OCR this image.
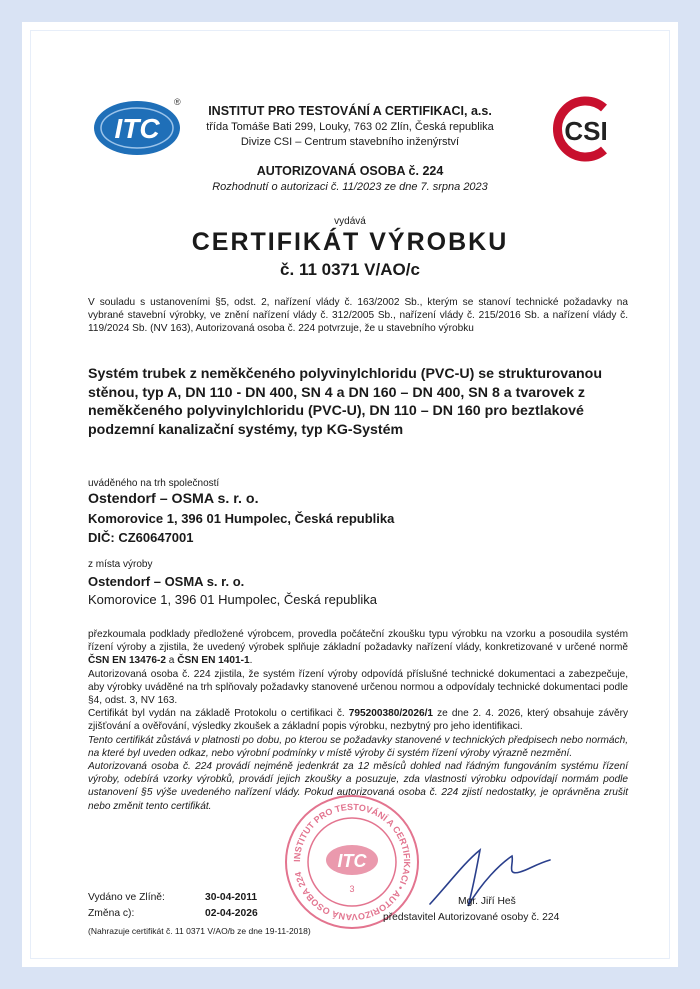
ITC
®
CSI
INSTITUT PRO TESTOVÁNÍ A CERTIFIKACI, a.s.
třída Tomáše Bati 299, Louky, 763 02 Zlín, Česká republika
Divize CSI – Centrum stavebního inženýrství
AUTORIZOVANÁ OSOBA č. 224
Rozhodnutí o autorizaci č. 11/2023 ze dne 7. srpna 2023
vydává
CERTIFIKÁT VÝROBKU
č. 11 0371 V/AO/c
V souladu s ustanoveními §5, odst. 2, nařízení vlády č. 163/2002 Sb., kterým se stanoví technické požadavky na vybrané stavební výrobky, ve znění nařízení vlády č. 312/2005 Sb., nařízení vlády č. 215/2016 Sb. a nařízení vlády č. 119/2024 Sb. (NV 163), Autorizovaná osoba č. 224 potvrzuje, že u stavebního výrobku
Systém trubek z neměkčeného polyvinylchloridu (PVC-U) se strukturovanou stěnou, typ A, DN 110 - DN 400, SN 4 a DN 160 – DN 400, SN 8 a tvarovek z neměkčeného polyvinylchloridu (PVC-U), DN 110 – DN 160 pro beztlakové podzemní kanalizační systémy, typ KG-Systém
uváděného na trh společností
Ostendorf – OSMA s. r. o.
Komorovice 1, 396 01 Humpolec, Česká republika
DIČ: CZ60647001
z místa výroby
Ostendorf – OSMA s. r. o.
Komorovice 1, 396 01 Humpolec, Česká republika
přezkoumala podklady předložené výrobcem, provedla počáteční zkoušku typu výrobku na vzorku a posoudila systém řízení výroby a zjistila, že uvedený výrobek splňuje základní požadavky nařízení vlády, konkretizované v určené normě ČSN EN 13476-2 a ČSN EN 1401-1.
Autorizovaná osoba č. 224 zjistila, že systém řízení výroby odpovídá příslušné technické dokumentaci a zabezpečuje, aby výrobky uváděné na trh splňovaly požadavky stanovené určenou normou a odpovídaly technické dokumentaci podle §4, odst. 3, NV 163.
Certifikát byl vydán na základě Protokolu o certifikaci č. 795200380/2026/1 ze dne 2. 4. 2026, který obsahuje závěry zjišťování a ověřování, výsledky zkoušek a základní popis výrobku, nezbytný pro jeho identifikaci.
Tento certifikát zůstává v platnosti po dobu, po kterou se požadavky stanovené v technických předpisech nebo normách, na které byl uveden odkaz, nebo výrobní podmínky v místě výroby či systém řízení výroby výrazně nezmění.
Autorizovaná osoba č. 224 provádí nejméně jedenkrát za 12 měsíců dohled nad řádným fungováním systému řízení výroby, odebírá vzorky výrobků, provádí jejich zkoušky a posuzuje, zda vlastnosti výrobku odpovídají normám podle ustanovení §5 výše uvedeného nařízení vlády. Pokud autorizovaná osoba č. 224 zjistí nedostatky, je oprávněna zrušit nebo změnit tento certifikát.
INSTITUT PRO TESTOVÁNÍ A CERTIFIKACI • AUTORIZOVANÁ OSOBA 224
ITC
3
Vydáno ve Zlíně:	30-04-2011
Změna c):	02-04-2026
(Nahrazuje certifikát č. 11 0371 V/AO/b ze dne 19-11-2018)
Mgr. Jiří Heš
představitel Autorizované osoby č. 224
